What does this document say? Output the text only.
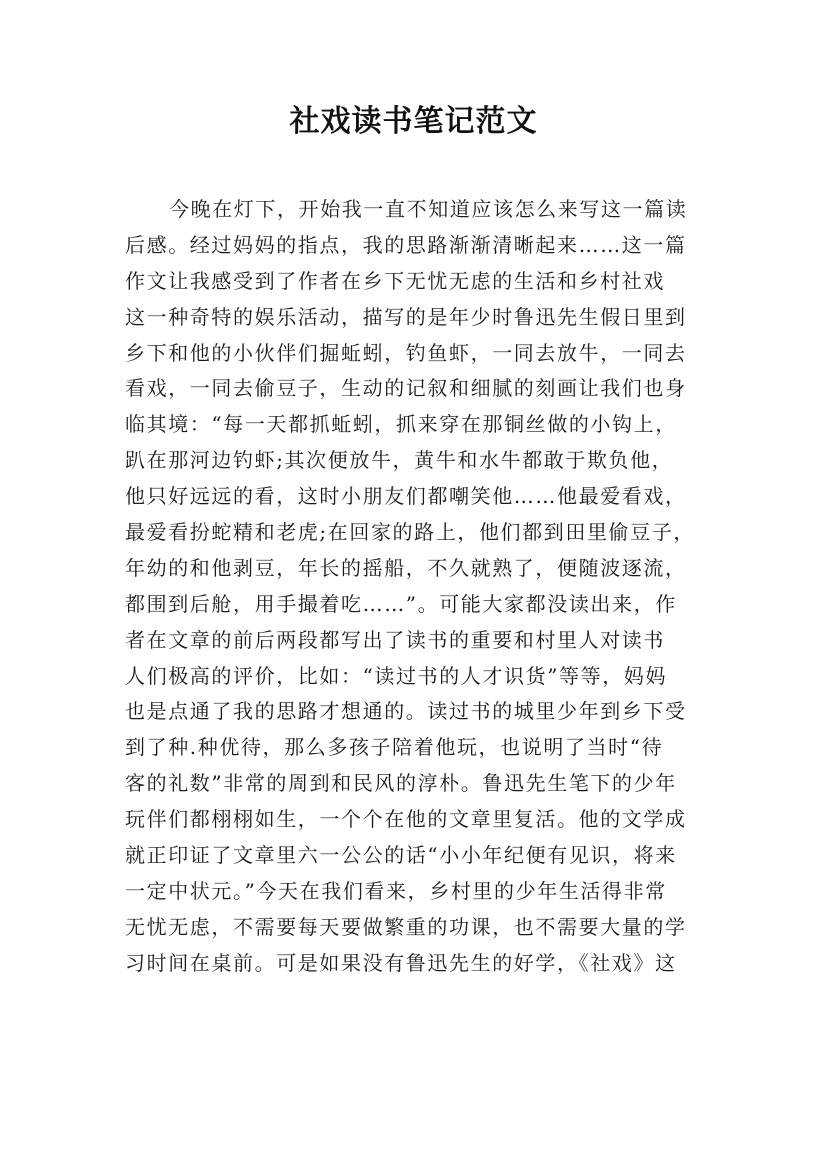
社戏读书笔记范文
今晚在灯下，开始我一直不知道应该怎么来写这一篇读
后感。经过妈妈的指点，我的思路渐渐清晰起来……这一篇
作文让我感受到了作者在乡下无忧无虑的生活和乡村社戏
这一种奇特的娱乐活动，描写的是年少时鲁迅先生假日里到
乡下和他的小伙伴们掘蚯蚓，钓鱼虾，一同去放牛，一同去
看戏，一同去偷豆子，生动的记叙和细腻的刻画让我们也身
临其境：“每一天都抓蚯蚓，抓来穿在那铜丝做的小钩上，
趴在那河边钓虾;其次便放牛，黄牛和水牛都敢于欺负他，
他只好远远的看，这时小朋友们都嘲笑他……他最爱看戏，
最爱看扮蛇精和老虎;在回家的路上，他们都到田里偷豆子，
年幼的和他剥豆，年长的摇船，不久就熟了，便随波逐流，
都围到后舱，用手撮着吃……”。可能大家都没读出来，作
者在文章的前后两段都写出了读书的重要和村里人对读书
人们极高的评价，比如：“读过书的人才识货”等等，妈妈
也是点通了我的思路才想通的。读过书的城里少年到乡下受
到了种.种优待，那么多孩子陪着他玩，也说明了当时“待
客的礼数”非常的周到和民风的淳朴。鲁迅先生笔下的少年
玩伴们都栩栩如生，一个个在他的文章里复活。他的文学成
就正印证了文章里六一公公的话“小小年纪便有见识，将来
一定中状元。”今天在我们看来，乡村里的少年生活得非常
无忧无虑，不需要每天要做繁重的功课，也不需要大量的学
习时间在桌前。可是如果没有鲁迅先生的好学，《社戏》这
